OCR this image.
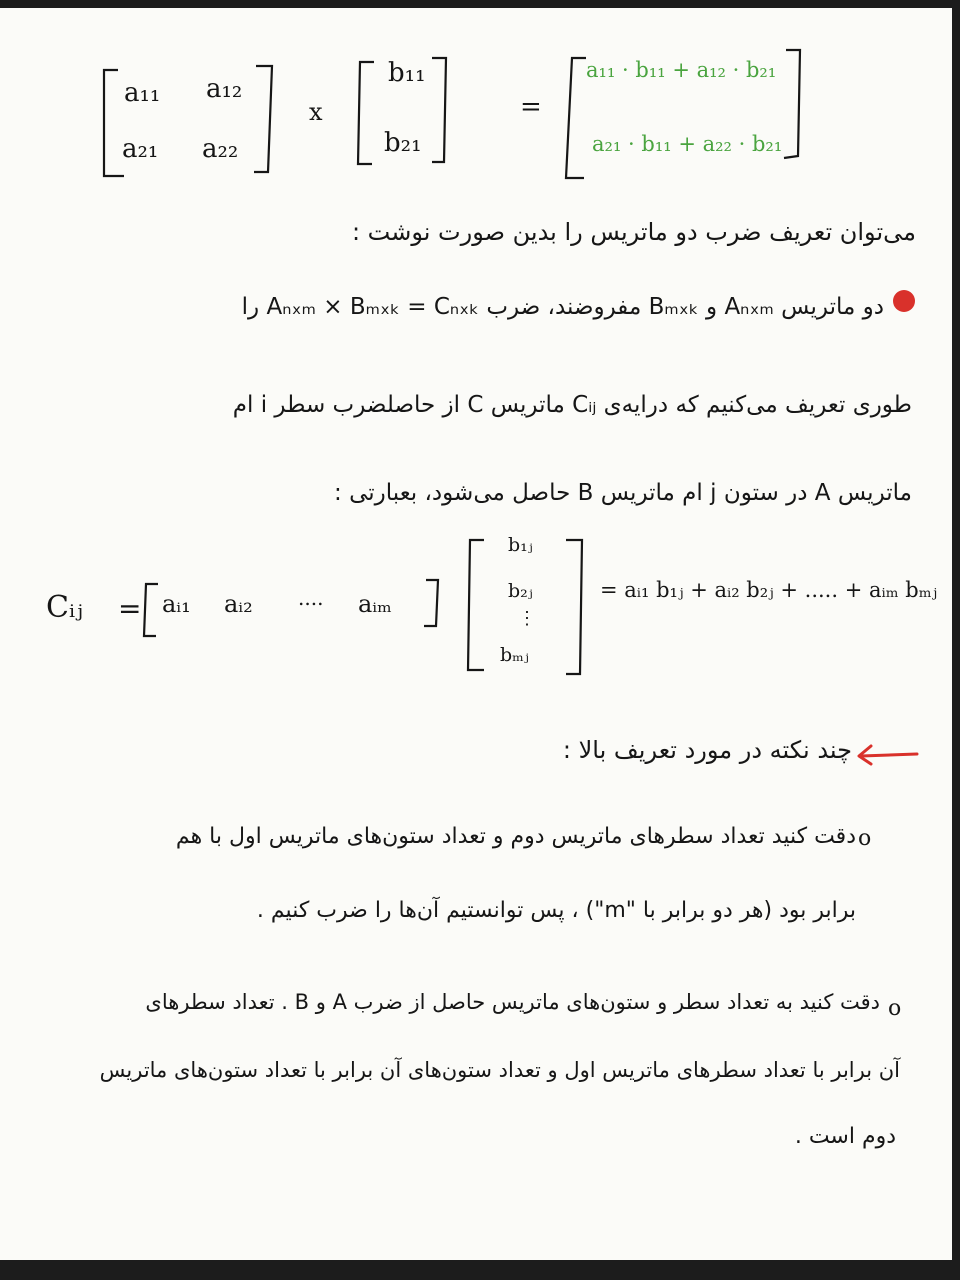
a₁₁ a₁₂
a₂₁ a₂₂
x
b₁₁
b₂₁
=
a₁₁ · b₁₁ + a₁₂ · b₂₁
a₂₁ · b₁₁ + a₂₂ · b₂₁
می‌توان تعریف ضرب دو ماتریس را بدین صورت نوشت :
دو ماتریس Aₙₓₘ و Bₘₓₖ مفروضند، ضرب Aₙₓₘ × Bₘₓₖ = Cₙₓₖ را
طوری تعریف می‌کنیم که درایه‌ی Cᵢⱼ ماتریس C از حاصلضرب سطر i ام
ماتریس A در ستون j ام ماتریس B حاصل می‌شود، بعبارتی :
Cᵢⱼ = aᵢ₁ aᵢ₂ .... aᵢₘ
b₁ⱼ
b₂ⱼ
⋮
bₘⱼ
= aᵢ₁ b₁ⱼ + aᵢ₂ b₂ⱼ + ..... + aᵢₘ bₘⱼ
چند نکته در مورد تعریف بالا :
o
دقت کنید تعداد سطرهای ماتریس دوم و تعداد ستون‌های ماتریس اول با هم
برابر بود (هر دو برابر با "m") ، پس توانستیم آن‌ها را ضرب کنیم .
o
دقت کنید به تعداد سطر و ستون‌های ماتریس حاصل از ضرب A و B . تعداد سطرهای
آن برابر با تعداد سطرهای ماتریس اول و تعداد ستون‌های آن برابر با تعداد ستون‌های ماتریس
دوم است .
